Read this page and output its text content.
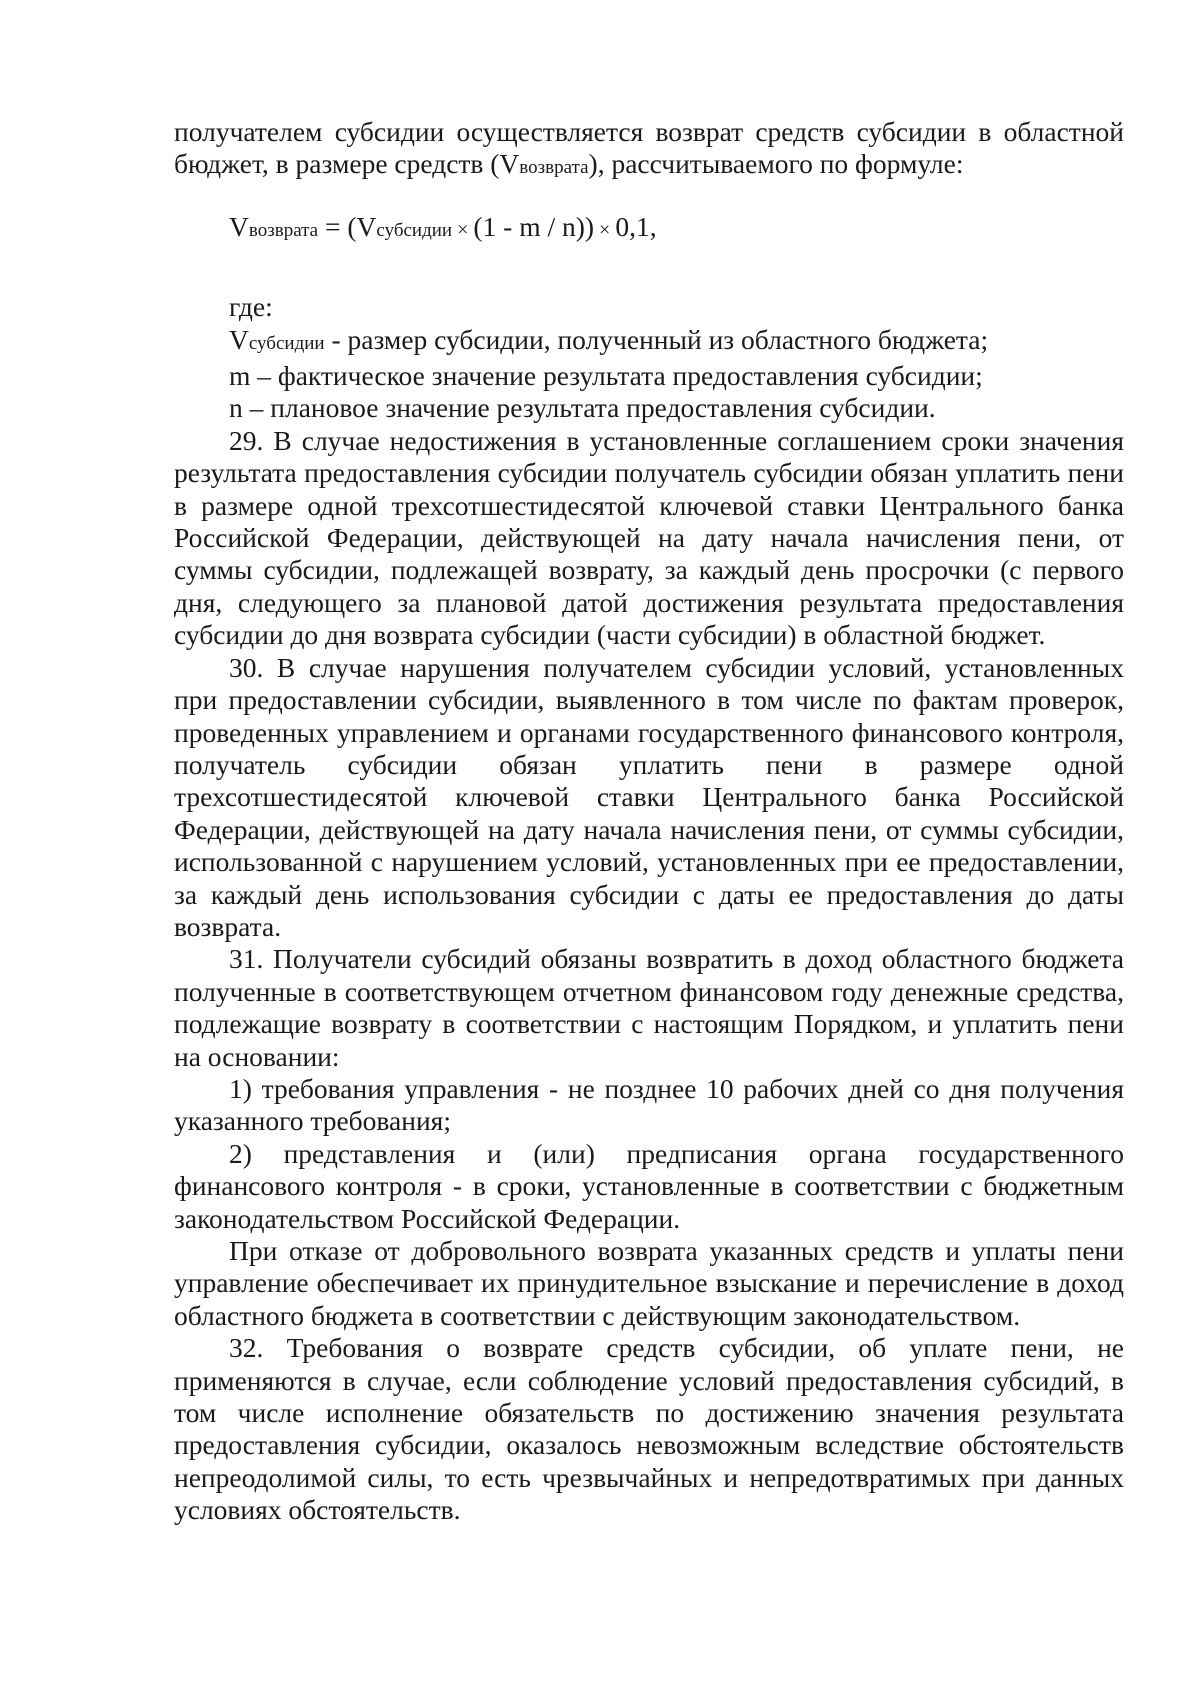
получателем субсидии осуществляется возврат средств субсидии в областной бюджет, в размере средств (Vвозврата), рассчитываемого по формуле:

Vвозврата = (Vсубсидии × (1 - m / n)) × 0,1,

где:

Vсубсидии - размер субсидии, полученный из областного бюджета;

m – фактическое значение результата предоставления субсидии;

n – плановое значение результата предоставления субсидии.

29. В случае недостижения в установленные соглашением сроки значения результата предоставления субсидии получатель субсидии обязан уплатить пени в размере одной трехсотшестидесятой ключевой ставки Центрального банка Российской Федерации, действующей на дату начала начисления пени, от суммы субсидии, подлежащей возврату, за каждый день просрочки (с первого дня, следующего за плановой датой достижения результата предоставления субсидии до дня возврата субсидии (части субсидии) в областной бюджет.

30. В случае нарушения получателем субсидии условий, установленных при предоставлении субсидии, выявленного в том числе по фактам проверок, проведенных управлением и органами государственного финансового контроля, получатель субсидии обязан уплатить пени в размере одной трехсотшестидесятой ключевой ставки Центрального банка Российской Федерации, действующей на дату начала начисления пени, от суммы субсидии, использованной с нарушением условий, установленных при ее предоставлении, за каждый день использования субсидии с даты ее предоставления до даты возврата.

31. Получатели субсидий обязаны возвратить в доход областного бюджета полученные в соответствующем отчетном финансовом году денежные средства, подлежащие возврату в соответствии с настоящим Порядком, и уплатить пени на основании:

1) требования управления - не позднее 10 рабочих дней со дня получения указанного требования;

2) представления и (или) предписания органа государственного финансового контроля - в сроки, установленные в соответствии с бюджетным законодательством Российской Федерации.

При отказе от добровольного возврата указанных средств и уплаты пени управление обеспечивает их принудительное взыскание и перечисление в доход областного бюджета в соответствии с действующим законодательством.

32. Требования о возврате средств субсидии, об уплате пени, не применяются в случае, если соблюдение условий предоставления субсидий, в том числе исполнение обязательств по достижению значения результата предоставления субсидии, оказалось невозможным вследствие обстоятельств непреодолимой силы, то есть чрезвычайных и непредотвратимых при данных условиях обстоятельств.
